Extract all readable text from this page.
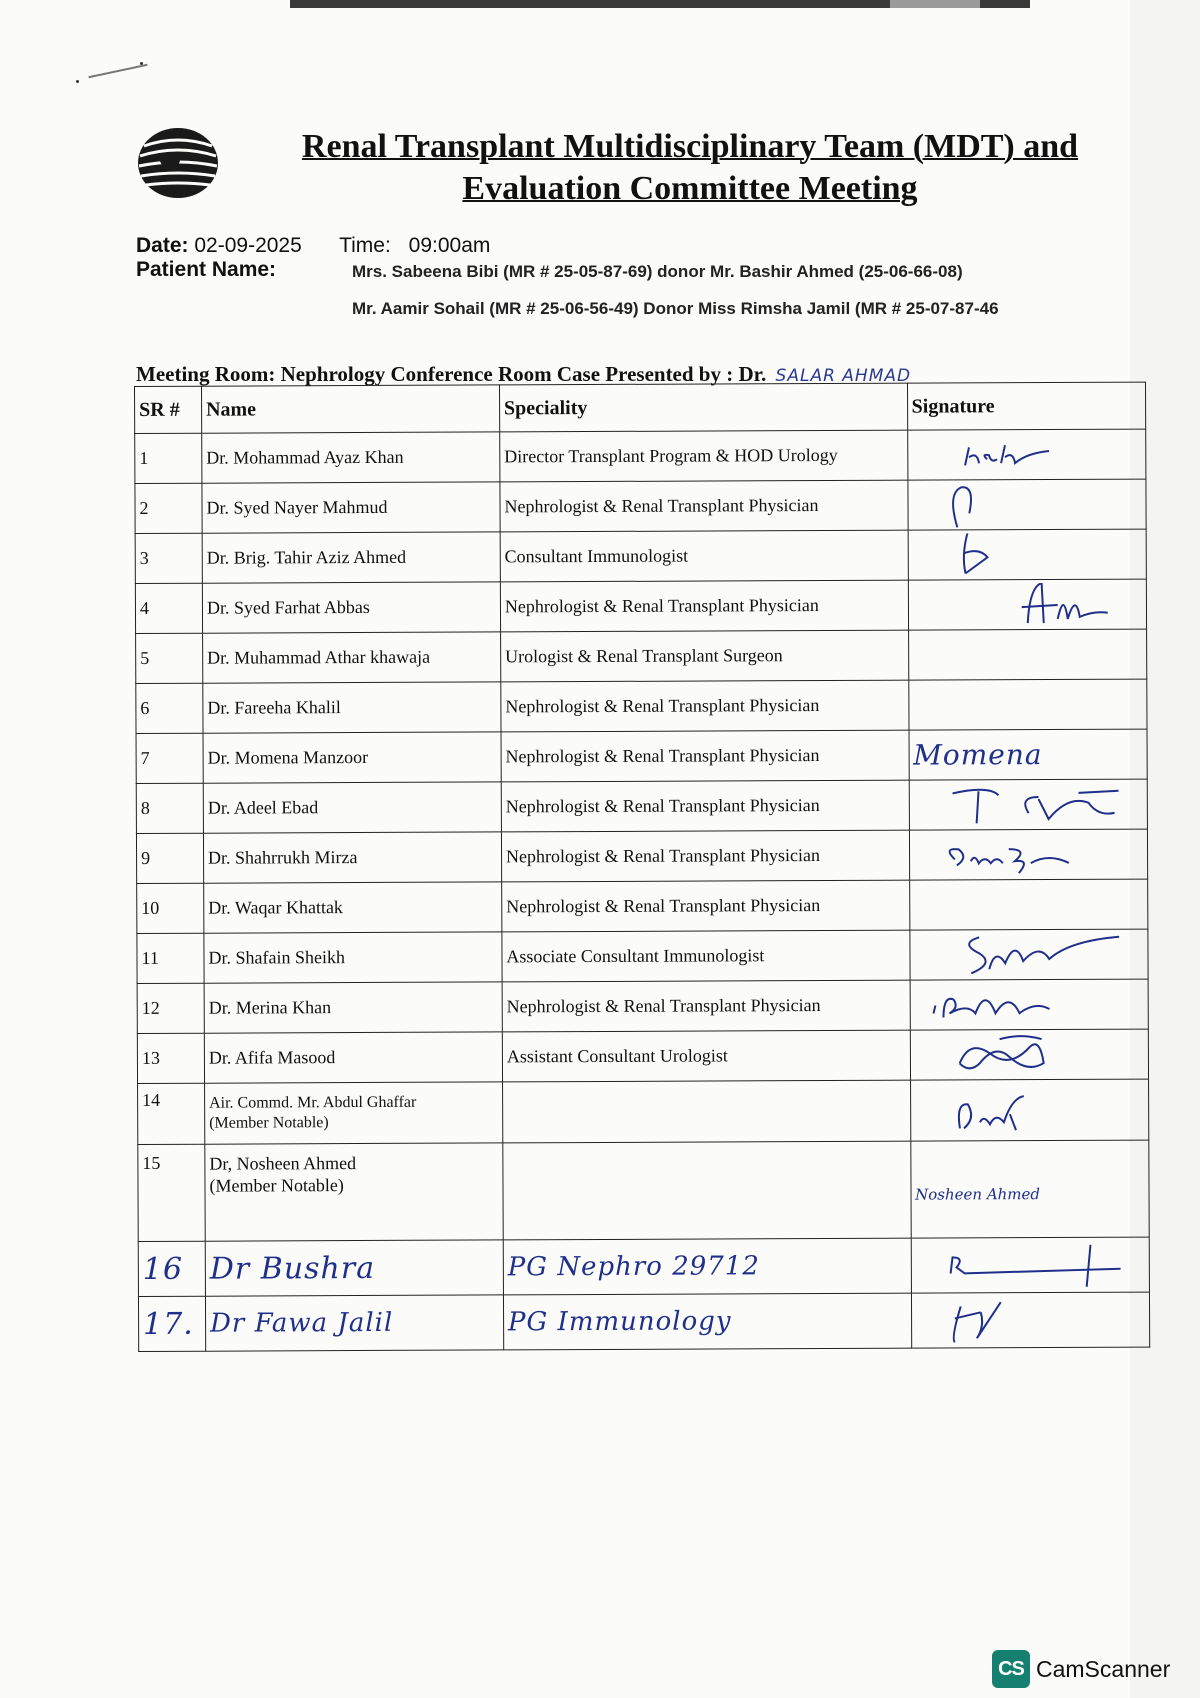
Renal Transplant Multidisciplinary Team (MDT) and
Evaluation Committee Meeting
Date: 02-09-2025 Time: 09:00am
Patient Name:	Mrs. Sabeena Bibi (MR # 25-05-87-69) donor Mr. Bashir Ahmed (25-06-66-08)
Mr. Aamir Sohail (MR # 25-06-56-49) Donor Miss Rimsha Jamil (MR # 25-07-87-46
Meeting Room: Nephrology Conference Room Case Presented by : Dr. SALAR AHMAD
SR #	Name	Speciality	Signature
1	Dr. Mohammad Ayaz Khan	Director Transplant Program & HOD Urology	

2	Dr. Syed Nayer Mahmud	Nephrologist & Renal Transplant Physician	

3	Dr. Brig. Tahir Aziz Ahmed	Consultant Immunologist	

4	Dr. Syed Farhat Abbas	Nephrologist & Renal Transplant Physician	

5	Dr. Muhammad Athar khawaja	Urologist & Renal Transplant Surgeon	
6	Dr. Fareeha Khalil	Nephrologist & Renal Transplant Physician	
7	Dr. Momena Manzoor	Nephrologist & Renal Transplant Physician	Momena
8	Dr. Adeel Ebad	Nephrologist & Renal Transplant Physician	

9	Dr. Shahrrukh Mirza	Nephrologist & Renal Transplant Physician	

10	Dr. Waqar Khattak	Nephrologist & Renal Transplant Physician	
11	Dr. Shafain Sheikh	Associate Consultant Immunologist	

12	Dr. Merina Khan	Nephrologist & Renal Transplant Physician	

13	Dr. Afifa Masood	Assistant Consultant Urologist	

14	Air. Commd. Mr. Abdul Ghaffar
(Member Notable)

15	Dr, Nosheen Ahmed
(Member Notable)		Nosheen Ahmed
16	Dr Bushra	PG Nephro 29712	

17.	Dr Fawa Jalil	PG Immunology	
CS CamScanner
